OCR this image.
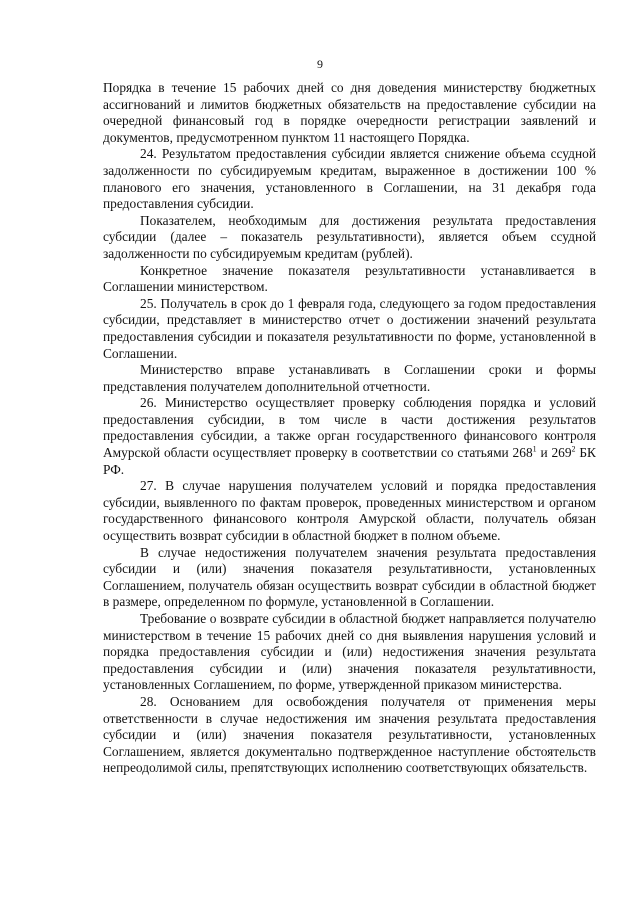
9

Порядка в течение 15 рабочих дней со дня доведения министерству бюджетных ассигнований и лимитов бюджетных обязательств на предоставление субсидии на очередной финансовый год в порядке очередности регистрации заявлений и документов, предусмотренном пунктом 11 настоящего Порядка.

24. Результатом предоставления субсидии является снижение объема ссудной задолженности по субсидируемым кредитам, выраженное в достижении 100 % планового его значения, установленного в Соглашении, на 31 декабря года предоставления субсидии.

Показателем, необходимым для достижения результата предоставления субсидии (далее – показатель результативности), является объем ссудной задолженности по субсидируемым кредитам (рублей).

Конкретное значение показателя результативности устанавливается в Соглашении министерством.

25. Получатель в срок до 1 февраля года, следующего за годом предоставления субсидии, представляет в министерство отчет о достижении значений результата предоставления субсидии и показателя результативности по форме, установленной в Соглашении.

Министерство вправе устанавливать в Соглашении сроки и формы представления получателем дополнительной отчетности.

26. Министерство осуществляет проверку соблюдения порядка и условий предоставления субсидии, в том числе в части достижения результатов предоставления субсидии, а также орган государственного финансового контроля Амурской области осуществляет проверку в соответствии со статьями $268^1$ и $269^2$ БК РФ.

27. В случае нарушения получателем условий и порядка предоставления субсидии, выявленного по фактам проверок, проведенных министерством и органом государственного финансового контроля Амурской области, получатель обязан осуществить возврат субсидии в областной бюджет в полном объеме.

В случае недостижения получателем значения результата предоставления субсидии и (или) значения показателя результативности, установленных Соглашением, получатель обязан осуществить возврат субсидии в областной бюджет в размере, определенном по формуле, установленной в Соглашении.

Требование о возврате субсидии в областной бюджет направляется получателю министерством в течение 15 рабочих дней со дня выявления нарушения условий и порядка предоставления субсидии и (или) недостижения значения результата предоставления субсидии и (или) значения показателя результативности, установленных Соглашением, по форме, утвержденной приказом министерства.

28. Основанием для освобождения получателя от применения меры ответственности в случае недостижения им значения результата предоставления субсидии и (или) значения показателя результативности, установленных Соглашением, является документально подтвержденное наступление обстоятельств непреодолимой силы, препятствующих исполнению соответствующих обязательств.
